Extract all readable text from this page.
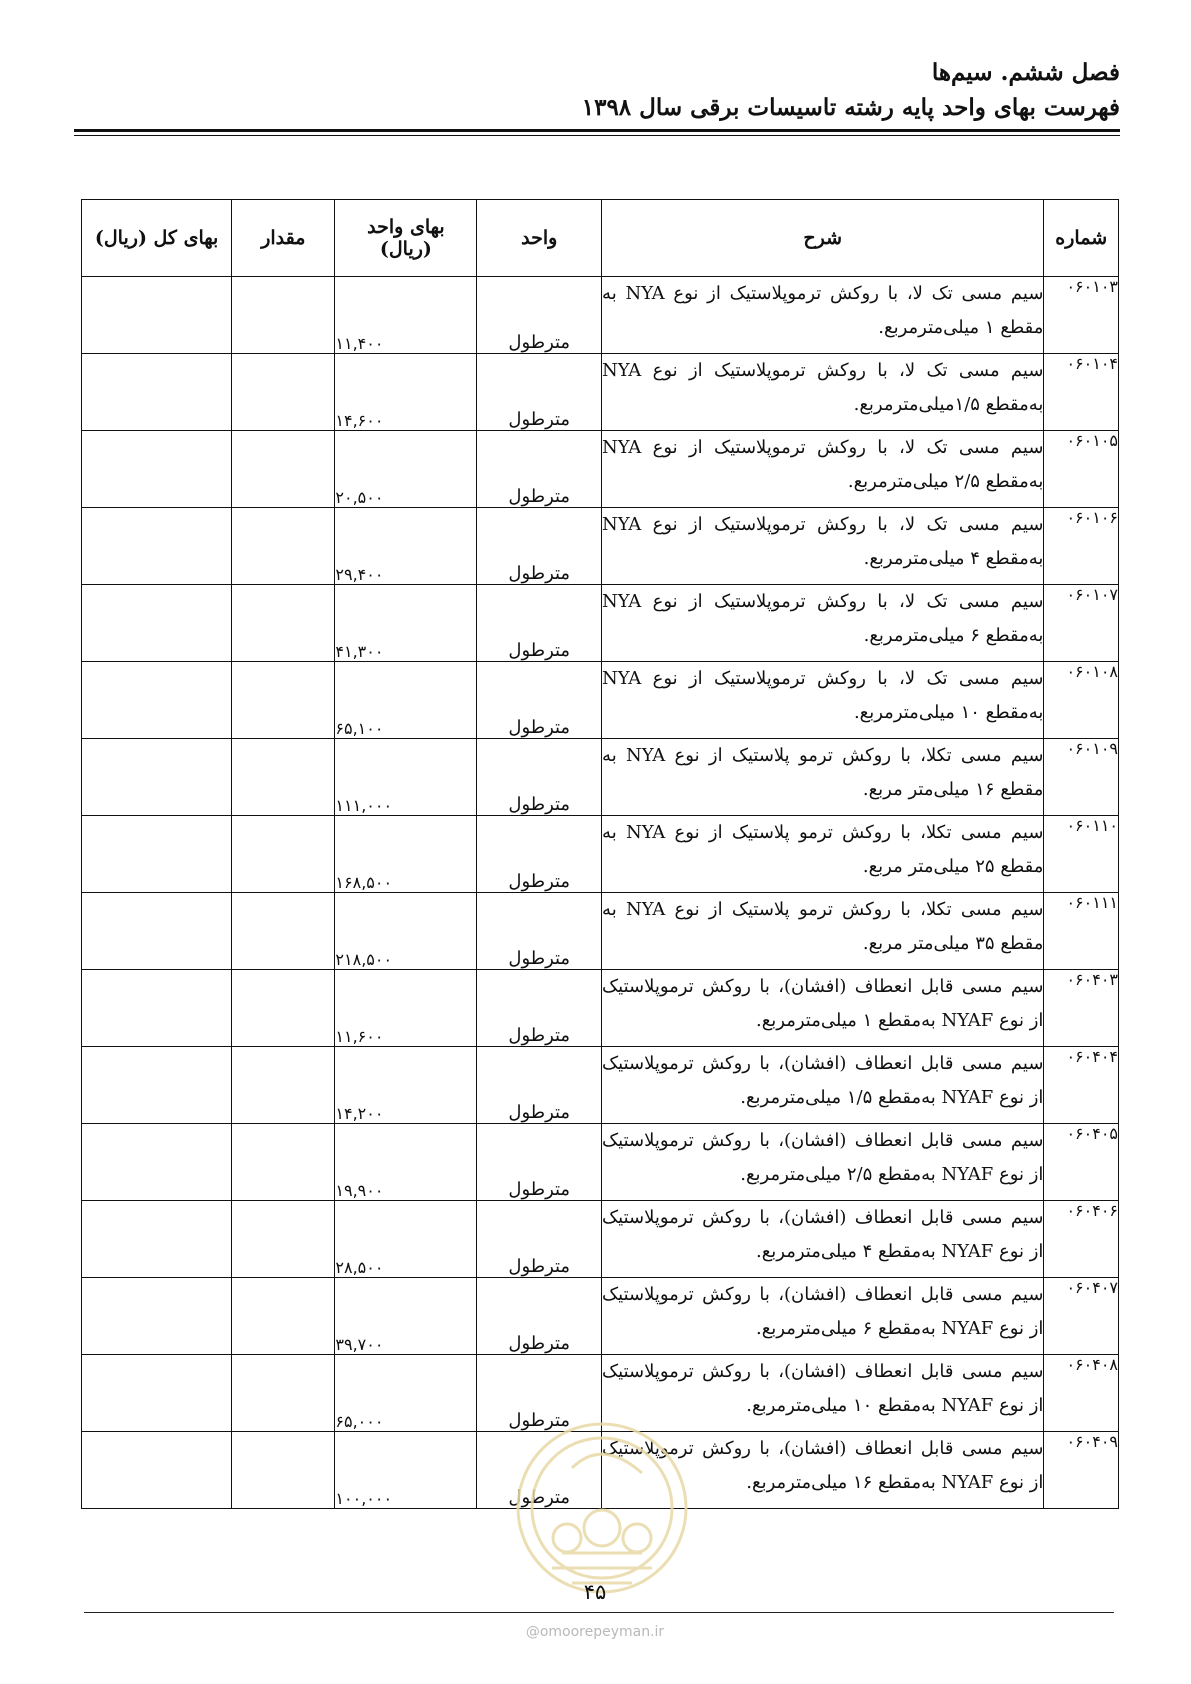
فصل ششم. سیم‌ها
فهرست بهای واحد پایه رشته تاسیسات برقی سال ۱۳۹۸
شماره	شرح	واحد	بهای واحد
(ریال)	مقدار	بهای کل (ریال)
۰۶۰۱۰۳	سیم مسی تک لا، با روکش ترموپلاستیک از نوع NYA به مقطع ۱ میلی‌مترمربع.	مترطول	۱۱,۴۰۰		
۰۶۰۱۰۴	سیم مسی تک لا، با روکش ترموپلاستیک از نوع NYA به‌مقطع ۱/۵میلی‌مترمربع.	مترطول	۱۴,۶۰۰		
۰۶۰۱۰۵	سیم مسی تک لا، با روکش ترموپلاستیک از نوع NYA به‌مقطع ۲/۵ میلی‌مترمربع.	مترطول	۲۰,۵۰۰		
۰۶۰۱۰۶	سیم مسی تک لا، با روکش ترموپلاستیک از نوع NYA به‌مقطع ۴ میلی‌مترمربع.	مترطول	۲۹,۴۰۰		
۰۶۰۱۰۷	سیم مسی تک لا، با روکش ترموپلاستیک از نوع NYA به‌مقطع ۶ میلی‌مترمربع.	مترطول	۴۱,۳۰۰		
۰۶۰۱۰۸	سیم مسی تک لا، با روکش ترموپلاستیک از نوع NYA به‌مقطع ۱۰ میلی‌مترمربع.	مترطول	۶۵,۱۰۰		
۰۶۰۱۰۹	سیم مسی تکلا، با روکش ترمو پلاستیک از نوع NYA به مقطع ۱۶ میلی‌متر مربع.	مترطول	۱۱۱,۰۰۰		
۰۶۰۱۱۰	سیم مسی تکلا، با روکش ترمو پلاستیک از نوع NYA به مقطع ۲۵ میلی‌متر مربع.	مترطول	۱۶۸,۵۰۰		
۰۶۰۱۱۱	سیم مسی تکلا، با روکش ترمو پلاستیک از نوع NYA به مقطع ۳۵ میلی‌متر مربع.	مترطول	۲۱۸,۵۰۰		
۰۶۰۴۰۳	سیم مسی قابل انعطاف (افشان)، با روکش ترموپلاستیک از نوع NYAF به‌مقطع ۱ میلی‌مترمربع.	مترطول	۱۱,۶۰۰		
۰۶۰۴۰۴	سیم مسی قابل انعطاف (افشان)، با روکش ترموپلاستیک از نوع NYAF به‌مقطع ۱/۵ میلی‌مترمربع.	مترطول	۱۴,۲۰۰		
۰۶۰۴۰۵	سیم مسی قابل انعطاف (افشان)، با روکش ترموپلاستیک از نوع NYAF به‌مقطع ۲/۵ میلی‌مترمربع.	مترطول	۱۹,۹۰۰		
۰۶۰۴۰۶	سیم مسی قابل انعطاف (افشان)، با روکش ترموپلاستیک از نوع NYAF به‌مقطع ۴ میلی‌مترمربع.	مترطول	۲۸,۵۰۰		
۰۶۰۴۰۷	سیم مسی قابل انعطاف (افشان)، با روکش ترموپلاستیک از نوع NYAF به‌مقطع ۶ میلی‌مترمربع.	مترطول	۳۹,۷۰۰		
۰۶۰۴۰۸	سیم مسی قابل انعطاف (افشان)، با روکش ترموپلاستیک از نوع NYAF به‌مقطع ۱۰ میلی‌مترمربع.	مترطول	۶۵,۰۰۰		
۰۶۰۴۰۹	سیم مسی قابل انعطاف (افشان)، با روکش ترموپلاستیک از نوع NYAF به‌مقطع ۱۶ میلی‌مترمربع.	مترطول	۱۰۰,۰۰۰		
۴۵
@omoorepeyman.ir
